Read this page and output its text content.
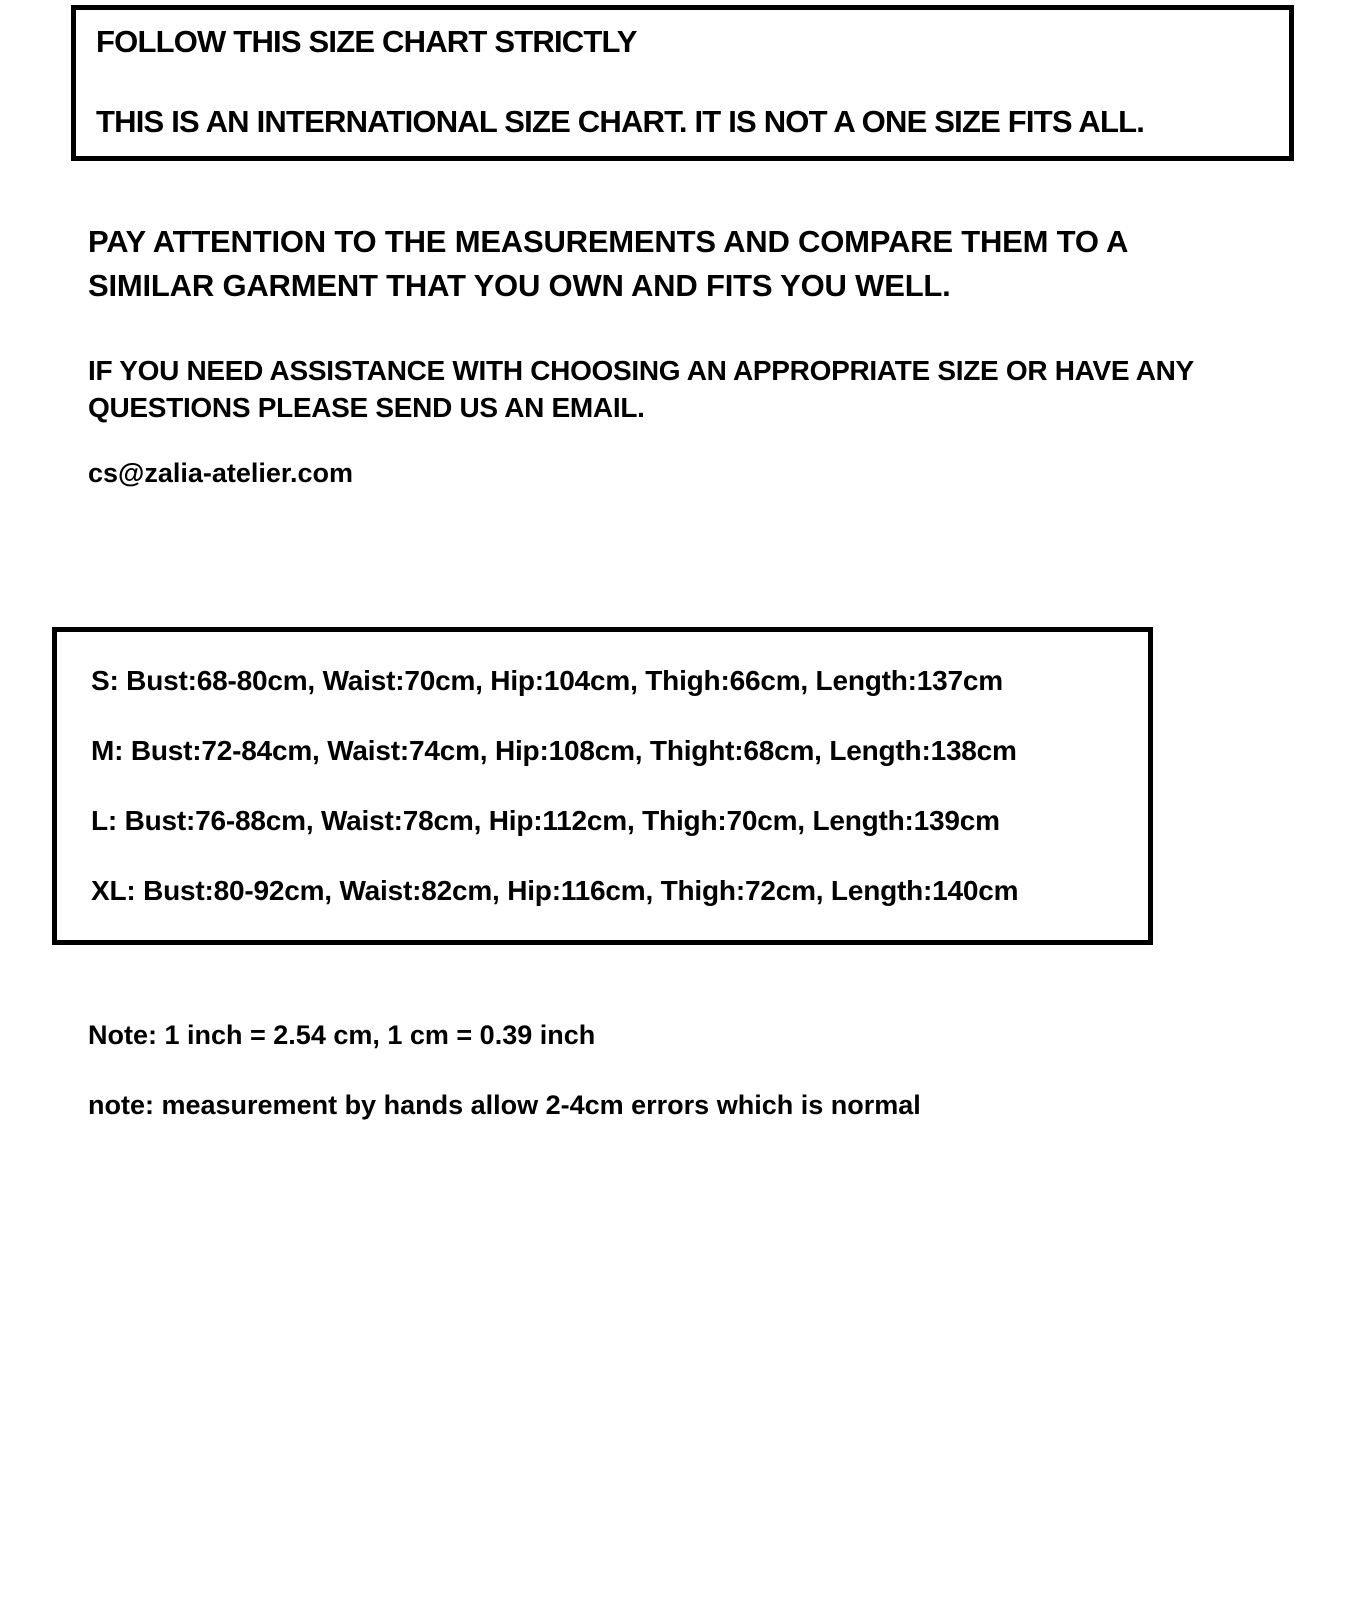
FOLLOW THIS SIZE CHART STRICTLY
THIS IS AN INTERNATIONAL SIZE CHART. IT IS NOT A ONE SIZE FITS ALL.
PAY ATTENTION TO THE MEASUREMENTS AND COMPARE THEM TO A
SIMILAR GARMENT THAT YOU OWN AND FITS YOU WELL.
IF YOU NEED ASSISTANCE WITH CHOOSING AN APPROPRIATE SIZE OR HAVE ANY
QUESTIONS PLEASE SEND US AN EMAIL.
cs@zalia-atelier.com
S: Bust:68-80cm, Waist:70cm, Hip:104cm, Thigh:66cm, Length:137cm
M: Bust:72-84cm, Waist:74cm, Hip:108cm, Thight:68cm, Length:138cm
L: Bust:76-88cm, Waist:78cm, Hip:112cm, Thigh:70cm, Length:139cm
XL: Bust:80-92cm, Waist:82cm, Hip:116cm, Thigh:72cm, Length:140cm
Note: 1 inch = 2.54 cm, 1 cm = 0.39 inch
note: measurement by hands allow 2-4cm errors which is normal
